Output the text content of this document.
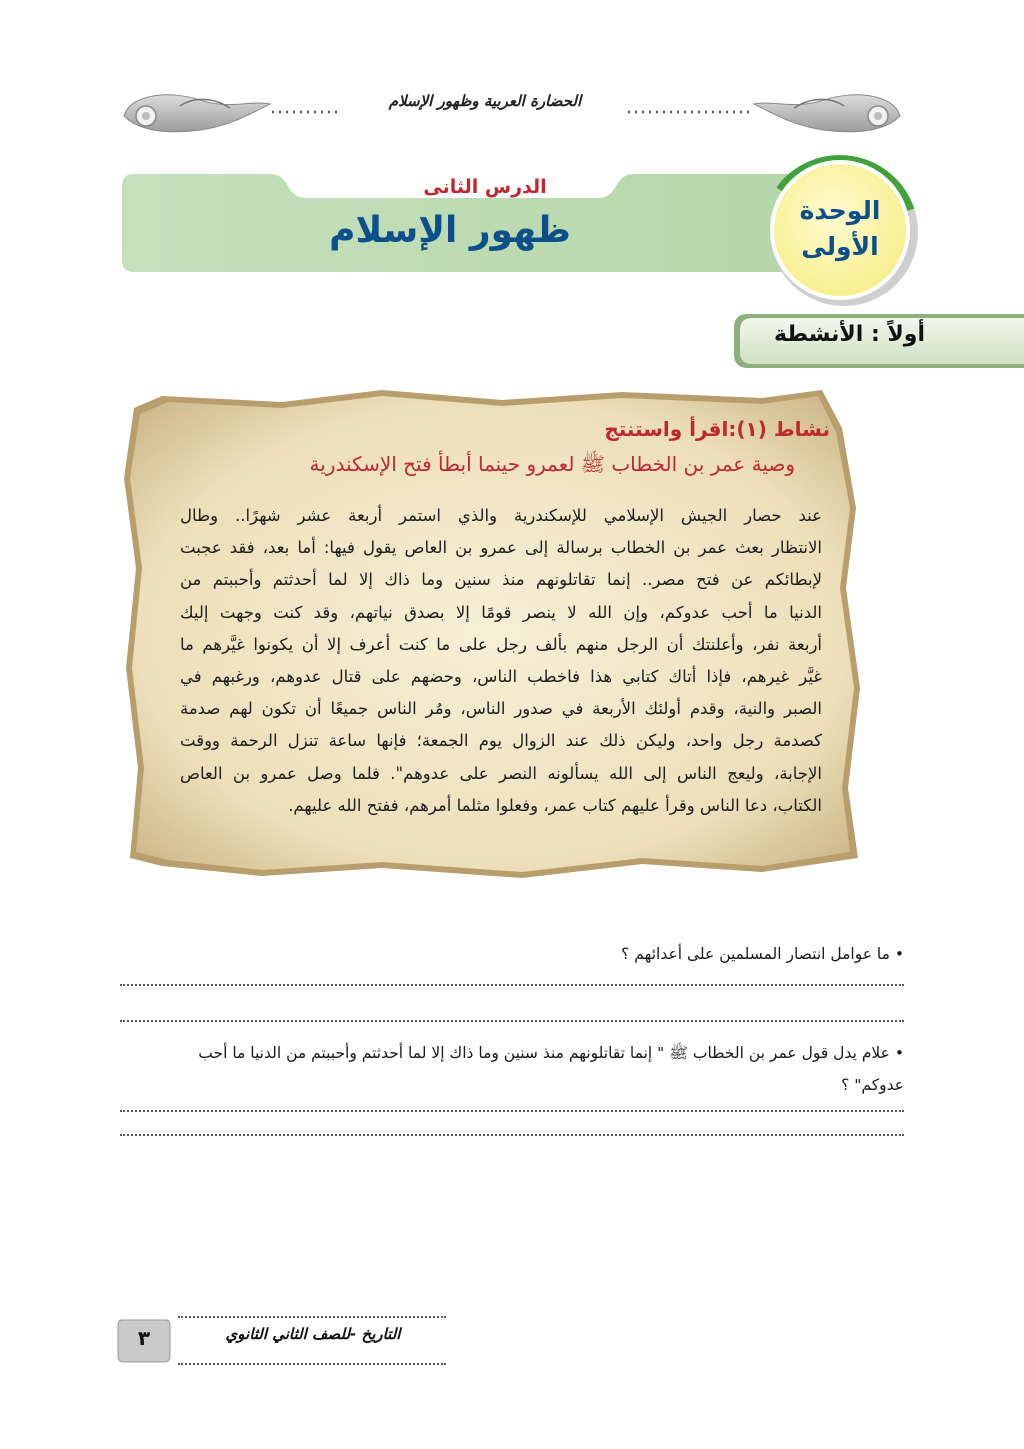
الحضارة العربية وظهور الإسلام
الدرس الثانى
ظهور الإسلام	الوحدة
الأولى
أولاً : الأنشطة
نشاط (١):اقرأ واستنتج
وصية عمر بن الخطاب ﷺ لعمرو حينما أبطأ فتح الإسكندرية
عند حصار الجيش الإسلامي للإسكندرية والذي استمر أربعة عشر شهرًا.. وطال
الانتظار بعث عمر بن الخطاب برسالة إلى عمرو بن العاص يقول فيها: أما بعد، فقد عجبت
لإبطائكم عن فتح مصر.. إنما تقاتلونهم منذ سنين وما ذاك إلا لما أحدثتم وأحببتم من
الدنيا ما أحب عدوكم، وإن الله لا ينصر قومًا إلا بصدق نياتهم، وقد كنت وجهت إليك
أربعة نفر، وأعلنتك أن الرجل منهم بألف رجل على ما كنت أعرف إلا أن يكونوا غيَّرهم ما
غيَّر غيرهم، فإذا أتاك كتابي هذا فاخطب الناس، وحضهم على قتال عدوهم، ورغبهم في
الصبر والنية، وقدم أولئك الأربعة في صدور الناس، ومُر الناس جميعًا أن تكون لهم صدمة
كصدمة رجل واحد، وليكن ذلك عند الزوال يوم الجمعة؛ فإنها ساعة تنزل الرحمة ووقت
الإجابة، وليعج الناس إلى الله يسألونه النصر على عدوهم". فلما وصل عمرو بن العاص
الكتاب، دعا الناس وقرأ عليهم كتاب عمر، وفعلوا مثلما أمرهم، ففتح الله عليهم.
• ما عوامل انتصار المسلمين على أعدائهم ؟
• علام يدل قول عمر بن الخطاب ﷺ " إنما تقاتلونهم منذ سنين وما ذاك إلا لما أحدثتم وأحببتم من الدنيا ما أحب
عدوكم" ؟
التاريخ -للصف الثاني الثانوي
٣
